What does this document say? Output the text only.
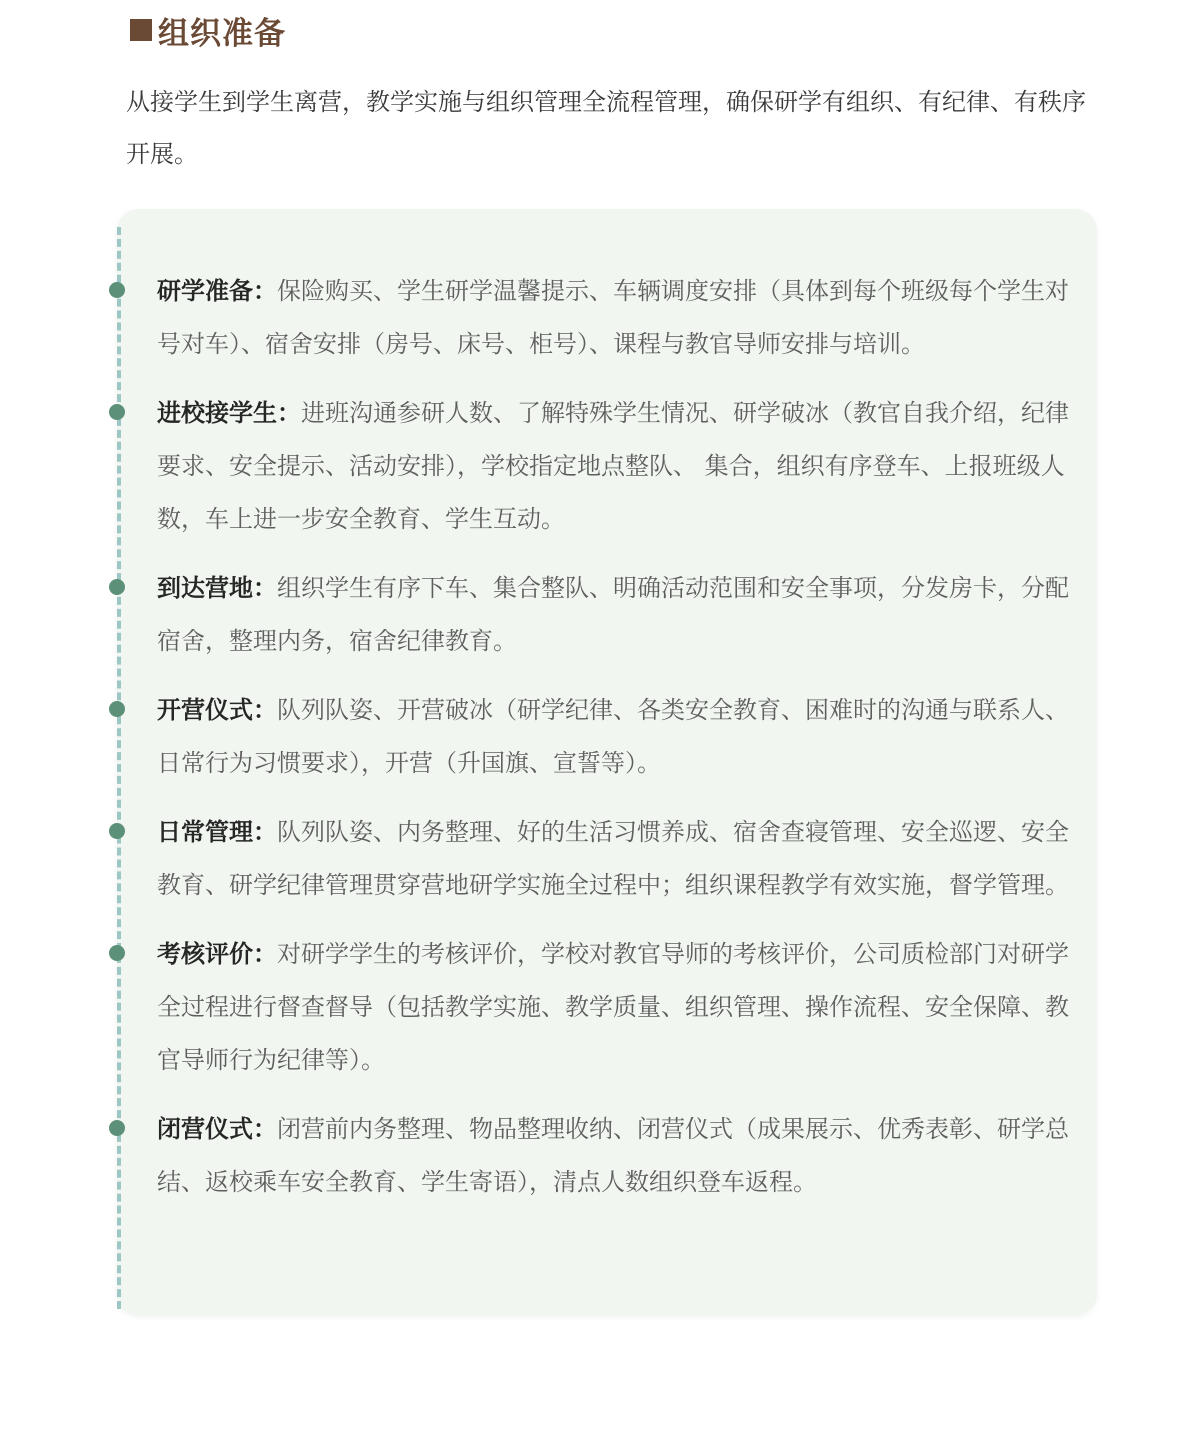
组织准备
从接学生到学生离营，教学实施与组织管理全流程管理，确保研学有组织、有纪律、有秩序开展。
研学准备：保险购买、学生研学温馨提示、车辆调度安排（具体到每个班级每个学生对号对车）、宿舍安排（房号、床号、柜号）、课程与教官导师安排与培训。
进校接学生：进班沟通参研人数、了解特殊学生情况、研学破冰（教官自我介绍，纪律要求、安全提示、活动安排），学校指定地点整队、 集合，组织有序登车、上报班级人数，车上进一步安全教育、学生互动。
到达营地：组织学生有序下车、集合整队、明确活动范围和安全事项，分发房卡，分配宿舍，整理内务，宿舍纪律教育。
开营仪式：队列队姿、开营破冰（研学纪律、各类安全教育、困难时的沟通与联系人、日常行为习惯要求），开营（升国旗、宣誓等）。
日常管理：队列队姿、内务整理、好的生活习惯养成、宿舍查寝管理、安全巡逻、安全教育、研学纪律管理贯穿营地研学实施全过程中；组织课程教学有效实施，督学管理。
考核评价：对研学学生的考核评价，学校对教官导师的考核评价，公司质检部门对研学全过程进行督查督导（包括教学实施、教学质量、组织管理、操作流程、安全保障、教官导师行为纪律等）。
闭营仪式：闭营前内务整理、物品整理收纳、闭营仪式（成果展示、优秀表彰、研学总结、返校乘车安全教育、学生寄语），清点人数组织登车返程。
